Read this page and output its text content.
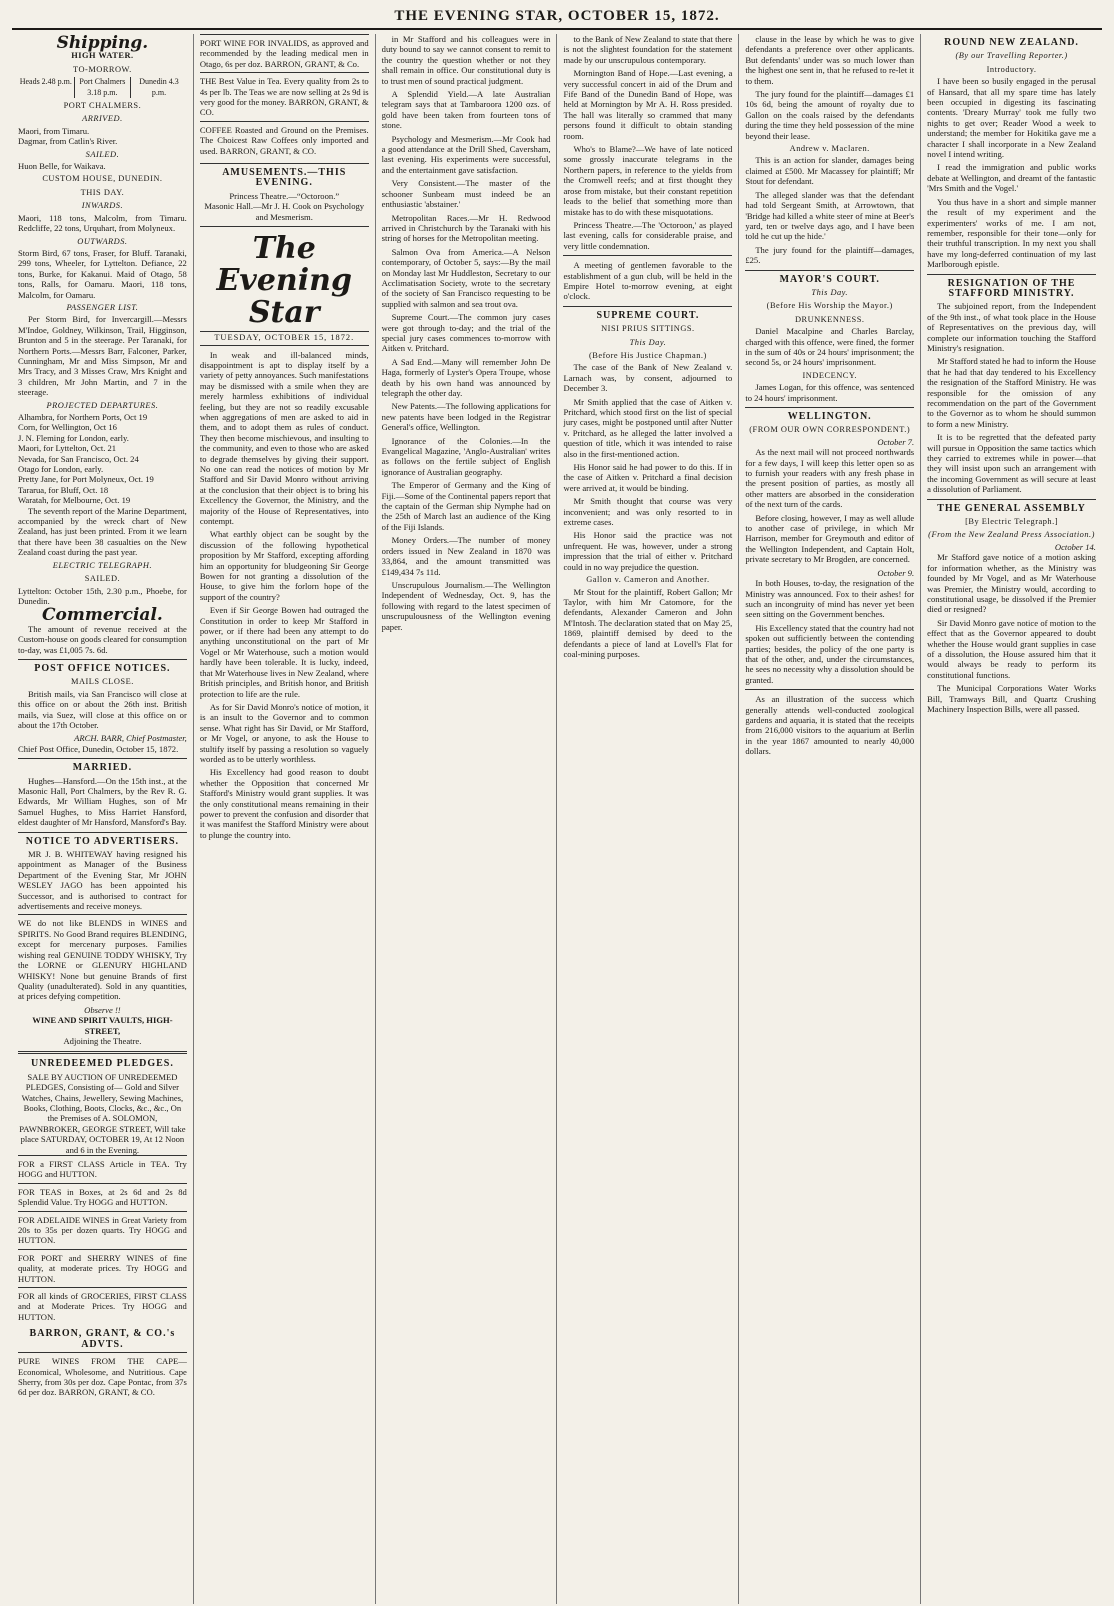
THE EVENING STAR, OCTOBER 15, 1872.
Shipping.
HIGH WATER.
TO-MORROW.
Heads 2.48 p.m. Port Chalmers 3.18 p.m.
Dunedin 4.3 p.m.
PORT CHALMERS.
ARRIVED.
Maori, from Timaru.
Dagmar, from Catlin's River.
SAILED.
Huon Belle, for Waikava.
CUSTOM HOUSE, DUNEDIN.
THIS DAY.
INWARDS.
Maori, 118 tons, Malcolm, from Timaru. Redcliffe, 22 tons, Urquhart, from Molyneux.
OUTWARDS.
Storm Bird, 67 tons, Fraser, for Bluff. Taranaki, 299 tons, Wheeler, for Lyttelton. Defiance, 22 tons, Burke, for Kakanui. Maid of Otago, 58 tons, Ralls, for Oamaru. Maori, 118 tons, Malcolm, for Oamaru.
PASSENGER LIST.
Per Storm Bird, for Invercargill.—Messrs M'Indoe, Goldney, Wilkinson, Trail, Higginson, Brunton and 5 in the steerage. Per Taranaki, for Northern Ports.—Messrs Barr, Falconer, Parker, Cunningham, Mr and Miss Simpson, Mr and Mrs Tracy, and 3 Misses Craw, Mrs Knight and 3 children, Mr John Martin, and 7 in the steerage.
PROJECTED DEPARTURES.
Alhambra, for Northern Ports, Oct 19
Corn, for Wellington, Oct 16
J. N. Fleming for London, early.
Maori, for Lyttelton, Oct. 21
Nevada, for San Francisco, Oct. 24
Otago for London, early.
Pretty Jane, for Port Molyneux, Oct. 19
Tararua, for Bluff, Oct. 18
Waratah, for Melbourne, Oct. 19
The seventh report of the Marine Department, accompanied by the wreck chart of New Zealand, has just been printed. From it we learn that there have been 38 casualties on the New Zealand coast during the past year.
ELECTRIC TELEGRAPH.
SAILED.
Lyttelton: October 15th, 2.30 p.m., Phoebe, for Dunedin.
Commercial.
The amount of revenue received at the Custom-house on goods cleared for consumption to-day, was £1,005 7s. 6d.
POST OFFICE NOTICES.
MAILS CLOSE.
British mails, via San Francisco will close at this office on or about the 26th inst. British mails, via Suez, will close at this office on or about the 17th October.
ARCH. BARR, Chief Postmaster,
Chief Post Office, Dunedin, October 15, 1872.
MARRIED.
Hughes—Hansford.—On the 15th inst., at the Masonic Hall, Port Chalmers, by the Rev R. G. Edwards, Mr William Hughes, son of Mr Samuel Hughes, to Miss Harriet Hansford, eldest daughter of Mr Hansford, Mansford's Bay.
NOTICE TO ADVERTISERS.
MR J. B. WHITEWAY having resigned his appointment as Manager of the Business Department of the Evening Star, Mr JOHN WESLEY JAGO has been appointed his Successor, and is authorised to contract for advertisements and receive moneys.
WE do not like BLENDS in WINES and SPIRITS. No Good Brand requires BLENDING, except for mercenary purposes. Families wishing real GENUINE TODDY WHISKY, Try the LORNE or GLENURY HIGHLAND WHISKY! None but genuine Brands of first Quality (unadulterated). Sold in any quantities, at prices defying competition.
Observe !!
WINE AND SPIRIT VAULTS, HIGH-STREET,
Adjoining the Theatre.
UNREDEEMED PLEDGES.
SALE BY AUCTION OF UNREDEEMED PLEDGES, Consisting of— Gold and Silver Watches, Chains, Jewellery, Sewing Machines, Books, Clothing, Boots, Clocks, &c., &c., On the Premises of A. SOLOMON, PAWNBROKER, GEORGE STREET, Will take place SATURDAY, OCTOBER 19, At 12 Noon and 6 in the Evening.
FOR a FIRST CLASS Article in TEA. Try HOGG and HUTTON.
FOR TEAS in Boxes, at 2s 6d and 2s 8d Splendid Value. Try HOGG and HUTTON.
FOR ADELAIDE WINES in Great Variety from 20s to 35s per dozen quarts. Try HOGG and HUTTON.
FOR PORT and SHERRY WINES of fine quality, at moderate prices. Try HOGG and HUTTON.
FOR all kinds of GROCERIES, FIRST CLASS and at Moderate Prices. Try HOGG and HUTTON.
BARRON, GRANT, & CO.'s ADVTS.
PURE WINES FROM THE CAPE—Economical, Wholesome, and Nutritious. Cape Sherry, from 30s per doz. Cape Pontac, from 37s 6d per doz. BARRON, GRANT, & CO.
PORT WINE FOR INVALIDS, as approved and recommended by the leading medical men in Otago, 6s per doz. BARRON, GRANT, & Co.
THE Best Value in Tea. Every quality from 2s to 4s per lb. The Teas we are now selling at 2s 9d is very good for the money. BARRON, GRANT, & CO.
COFFEE Roasted and Ground on the Premises. The Choicest Raw Coffees only imported and used. BARRON, GRANT, & CO.
AMUSEMENTS.—THIS EVENING.
Princess Theatre.—“Octoroon.”
Masonic Hall.—Mr J. H. Cook on Psychology and Mesmerism.
The Evening Star
TUESDAY, OCTOBER 15, 1872.
In weak and ill-balanced minds, disappointment is apt to display itself by a variety of petty annoyances. Such manifestations may be dismissed with a smile when they are merely harmless exhibitions of individual feeling, but they are not so readily excusable when aggregations of men are asked to aid in them, and to adopt them as rules of conduct. They then become mischievous, and insulting to the community, and even to those who are asked to degrade themselves by giving their support. No one can read the notices of motion by Mr Stafford and Sir David Monro without arriving at the conclusion that their object is to bring his Excellency the Governor, the Ministry, and the majority of the House of Representatives, into contempt.
What earthly object can be sought by the discussion of the following hypothetical proposition by Mr Stafford, excepting affording him an opportunity for bludgeoning Sir George Bowen for not granting a dissolution of the House, to give him the forlorn hope of the support of the country?
Even if Sir George Bowen had outraged the Constitution in order to keep Mr Stafford in power, or if there had been any attempt to do anything unconstitutional on the part of Mr Vogel or Mr Waterhouse, such a motion would hardly have been tolerable. It is lucky, indeed, that Mr Waterhouse lives in New Zealand, where British principles, and British honor, and British protection to life are the rule.
As for Sir David Monro's notice of motion, it is an insult to the Governor and to common sense. What right has Sir David, or Mr Stafford, or Mr Vogel, or anyone, to ask the House to stultify itself by passing a resolution so vaguely worded as to be utterly worthless.
His Excellency had good reason to doubt whether the Opposition that concerned Mr Stafford's Ministry would grant supplies. It was the only constitutional means remaining in their power to prevent the confusion and disorder that it was manifest the Stafford Ministry were about to plunge the country into.
in Mr Stafford and his colleagues were in duty bound to say we cannot consent to remit to the country the question whether or not they shall remain in office. Our constitutional duty is to trust men of sound practical judgment.
A Splendid Yield.—A late Australian telegram says that at Tambaroora 1200 ozs. of gold have been taken from fourteen tons of stone.
Psychology and Mesmerism.—Mr Cook had a good attendance at the Drill Shed, Caversham, last evening. His experiments were successful, and the entertainment gave satisfaction.
Very Consistent.—The master of the schooner Sunbeam must indeed be an enthusiastic 'abstainer.'
Metropolitan Races.—Mr H. Redwood arrived in Christchurch by the Taranaki with his string of horses for the Metropolitan meeting.
Salmon Ova from America.—A Nelson contemporary, of October 5, says:—By the mail on Monday last Mr Huddleston, Secretary to our Acclimatisation Society, wrote to the secretary of the society of San Francisco requesting to be supplied with salmon and sea trout ova.
Supreme Court.—The common jury cases were got through to-day; and the trial of the special jury cases commences to-morrow with Aitken v. Pritchard.
A Sad End.—Many will remember John De Haga, formerly of Lyster's Opera Troupe, whose death by his own hand was announced by telegraph the other day.
New Patents.—The following applications for new patents have been lodged in the Registrar General's office, Wellington.
Ignorance of the Colonies.—In the Evangelical Magazine, 'Anglo-Australian' writes as follows on the fertile subject of English ignorance of Australian geography.
The Emperor of Germany and the King of Fiji.—Some of the Continental papers report that the captain of the German ship Nymphe had on the 25th of March last an audience of the King of the Fiji Islands.
Money Orders.—The number of money orders issued in New Zealand in 1870 was 33,864, and the amount transmitted was £149,434 7s 11d.
Unscrupulous Journalism.—The Wellington Independent of Wednesday, Oct. 9, has the following with regard to the latest specimen of unscrupulousness of the Wellington evening paper.
to the Bank of New Zealand to state that there is not the slightest foundation for the statement made by our unscrupulous contemporary.
Mornington Band of Hope.—Last evening, a very successful concert in aid of the Drum and Fife Band of the Dunedin Band of Hope, was held at Mornington by Mr A. H. Ross presided. The hall was literally so crammed that many persons found it difficult to obtain standing room.
Who's to Blame?—We have of late noticed some grossly inaccurate telegrams in the Northern papers, in reference to the yields from the Cromwell reefs; and at first thought they arose from mistake, but their constant repetition leads to the belief that something more than mistake has to do with these misquotations.
Princess Theatre.—The 'Octoroon,' as played last evening, calls for considerable praise, and very little condemnation.
A meeting of gentlemen favorable to the establishment of a gun club, will be held in the Empire Hotel to-morrow evening, at eight o'clock.
SUPREME COURT.
NISI PRIUS SITTINGS.
This Day.
(Before His Justice Chapman.)
The case of the Bank of New Zealand v. Larnach was, by consent, adjourned to December 3.
Mr Smith applied that the case of Aitken v. Pritchard, which stood first on the list of special jury cases, might be postponed until after Nutter v. Pritchard, as he alleged the latter involved a question of title, which it was intended to raise also in the first-mentioned action.
His Honor said he had power to do this. If in the case of Aitken v. Pritchard a final decision were arrived at, it would be binding.
Mr Smith thought that course was very inconvenient; and was only resorted to in extreme cases.
His Honor said the practice was not unfrequent. He was, however, under a strong impression that the trial of either v. Pritchard could in no way prejudice the question.
Gallon v. Cameron and Another.
Mr Stout for the plaintiff, Robert Gallon; Mr Taylor, with him Mr Catomore, for the defendants, Alexander Cameron and John M'Intosh. The declaration stated that on May 25, 1869, plaintiff demised by deed to the defendants a piece of land at Lovell's Flat for coal-mining purposes.
clause in the lease by which he was to give defendants a preference over other applicants. But defendants' under was so much lower than the highest one sent in, that he refused to re-let it to them.
The jury found for the plaintiff—damages £1 10s 6d, being the amount of royalty due to Gallon on the coals raised by the defendants during the time they held possession of the mine beyond their lease.
Andrew v. Maclaren.
This is an action for slander, damages being claimed at £500. Mr Macassey for plaintiff; Mr Stout for defendant.
The alleged slander was that the defendant had told Sergeant Smith, at Arrowtown, that 'Bridge had killed a white steer of mine at Beer's yard, ten or twelve days ago, and I have been told he cut up the hide.'
The jury found for the plaintiff—damages, £25.
MAYOR'S COURT.
This Day.
(Before His Worship the Mayor.)
DRUNKENNESS.
Daniel Macalpine and Charles Barclay, charged with this offence, were fined, the former in the sum of 40s or 24 hours' imprisonment; the second 5s, or 24 hours' imprisonment.
INDECENCY.
James Logan, for this offence, was sentenced to 24 hours' imprisonment.
WELLINGTON.
(FROM OUR OWN CORRESPONDENT.)
October 7.
As the next mail will not proceed northwards for a few days, I will keep this letter open so as to furnish your readers with any fresh phase in the present position of parties, as mostly all other matters are absorbed in the consideration of the next turn of the cards.
Before closing, however, I may as well allude to another case of privilege, in which Mr Harrison, member for Greymouth and editor of the Wellington Independent, and Captain Holt, private secretary to Mr Brogden, are concerned.
October 9.
In both Houses, to-day, the resignation of the Ministry was announced. Fox to their ashes! for such an incongruity of mind has never yet been seen sitting on the Government benches.
His Excellency stated that the country had not spoken out sufficiently between the contending parties; besides, the policy of the one party is that of the other, and, under the circumstances, he sees no necessity why a dissolution should be granted.
As an illustration of the success which generally attends well-conducted zoological gardens and aquaria, it is stated that the receipts from 216,000 visitors to the aquarium at Berlin in the year 1867 amounted to nearly 40,000 dollars.
ROUND NEW ZEALAND.
(By our Travelling Reporter.)
Introductory.
I have been so busily engaged in the perusal of Hansard, that all my spare time has lately been occupied in digesting its fascinating contents. 'Dreary Murray' took me fully two nights to get over; Reader Wood a week to understand; the member for Hokitika gave me a character I shall incorporate in a New Zealand novel I intend writing.
I read the immigration and public works debate at Wellington, and dreamt of the fantastic 'Mrs Smith and the Vogel.'
You thus have in a short and simple manner the result of my experiment and the experimenters' works of me. I am not, remember, responsible for their tone—only for their truthful transcription. In my next you shall have my long-deferred continuation of my last Marlborough epistle.
RESIGNATION OF THE STAFFORD MINISTRY.
The subjoined report, from the Independent of the 9th inst., of what took place in the House of Representatives on the previous day, will complete our information touching the Stafford Ministry's resignation.
Mr Stafford stated he had to inform the House that he had that day tendered to his Excellency the resignation of the Stafford Ministry. He was responsible for the omission of any recommendation on the part of the Government to the Governor as to whom he should summon to form a new Ministry.
It is to be regretted that the defeated party will pursue in Opposition the same tactics which they carried to extremes while in power—that they will insist upon such an arrangement with the incoming Government as will secure at least a dissolution of Parliament.
THE GENERAL ASSEMBLY
[By Electric Telegraph.]
(From the New Zealand Press Association.)
October 14.
Mr Stafford gave notice of a motion asking for information whether, as the Ministry was founded by Mr Vogel, and as Mr Waterhouse was Premier, the Ministry would, according to constitutional usage, be dissolved if the Premier died or resigned?
Sir David Monro gave notice of motion to the effect that as the Governor appeared to doubt whether the House would grant supplies in case of a dissolution, the House assured him that it would always be ready to perform its constitutional functions.
The Municipal Corporations Water Works Bill, Tramways Bill, and Quartz Crushing Machinery Inspection Bills, were all passed.
